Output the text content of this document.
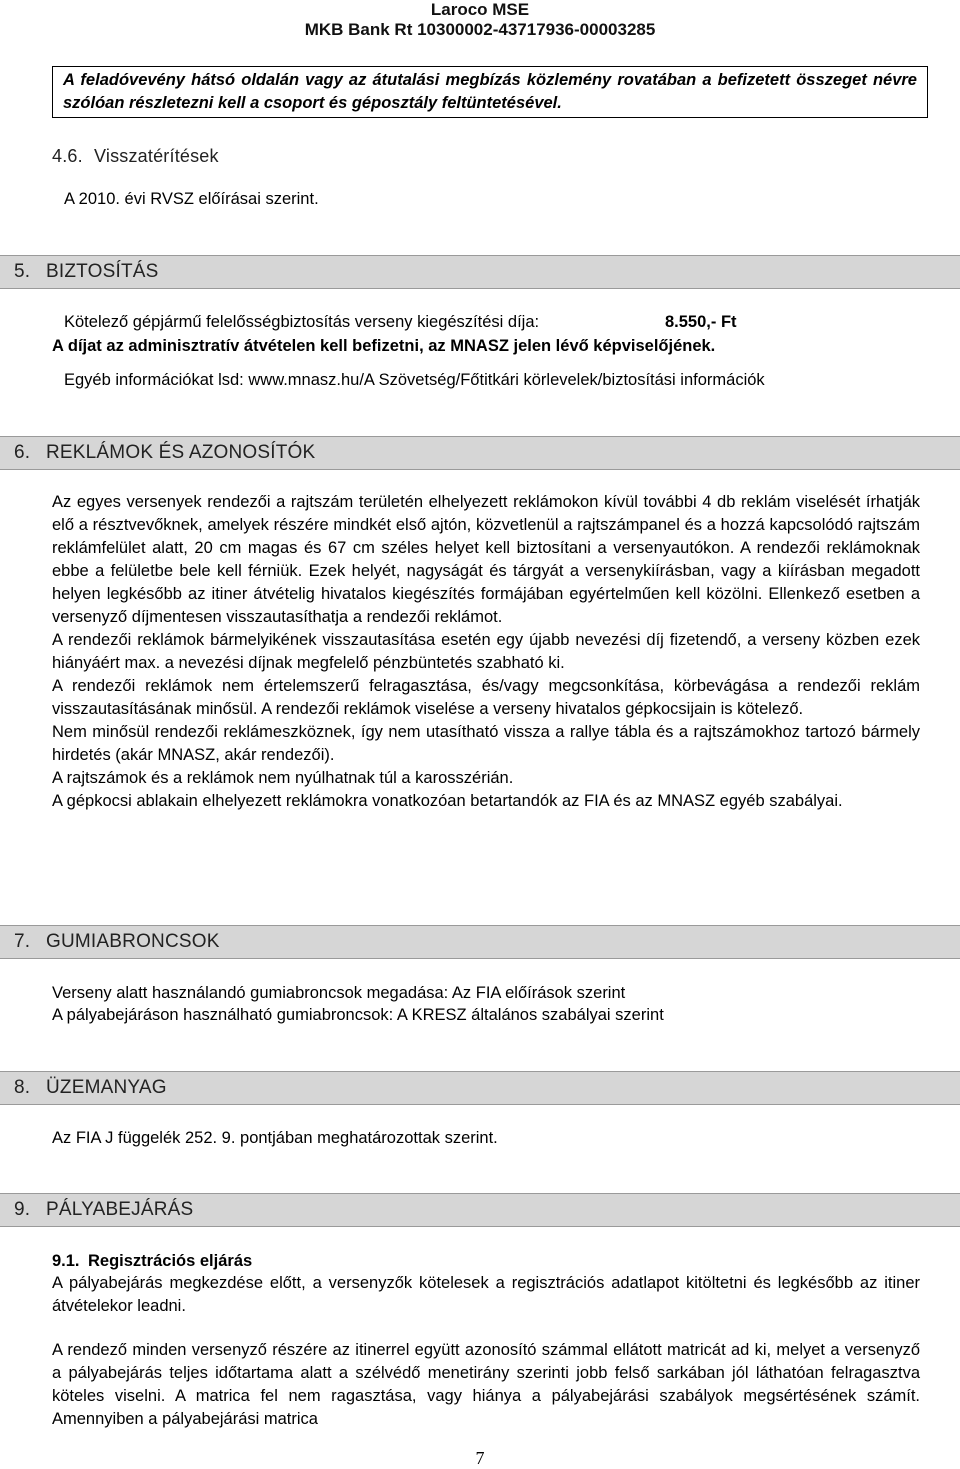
Laroco MSE
MKB Bank Rt 10300002-43717936-00003285
A feladóvevény hátsó oldalán vagy az átutalási megbízás közlemény rovatában a befizetett összeget névre szólóan részletezni kell a csoport és géposztály feltüntetésével.
4.6. Visszatérítések
A 2010. évi RVSZ előírásai szerint.
5. BIZTOSÍTÁS
Kötelező gépjármű felelősségbiztosítás verseny kiegészítési díja:	8.550,- Ft
A díjat az adminisztratív átvételen kell befizetni, az MNASZ jelen lévő képviselőjének.
Egyéb információkat lsd: www.mnasz.hu/A Szövetség/Főtitkári körlevelek/biztosítási információk
6. REKLÁMOK ÉS AZONOSÍTÓK

Az egyes versenyek rendezői a rajtszám területén elhelyezett reklámokon kívül további 4 db reklám viselését írhatják elő a résztvevőknek, amelyek részére mindkét első ajtón, közvetlenül a rajtszámpanel és a hozzá kapcsolódó rajtszám reklámfelület alatt, 20 cm magas és 67 cm széles helyet kell biztosítani a versenyautókon. A rendezői reklámoknak ebbe a felületbe bele kell férniük. Ezek helyét, nagyságát és tárgyát a versenykiírásban, vagy a kiírásban megadott helyen legkésőbb az itiner átvételig hivatalos kiegészítés formájában egyértelműen kell közölni. Ellenkező esetben a versenyző díjmentesen visszautasíthatja a rendezői reklámot.

A rendezői reklámok bármelyikének visszautasítása esetén egy újabb nevezési díj fizetendő, a verseny közben ezek hiányáért max. a nevezési díjnak megfelelő pénzbüntetés szabható ki.

A rendezői reklámok nem értelemszerű felragasztása, és/vagy megcsonkítása, körbevágása a rendezői reklám visszautasításának minősül. A rendezői reklámok viselése a verseny hivatalos gépkocsijain is kötelező.

Nem minősül rendezői reklámeszköznek, így nem utasítható vissza a rallye tábla és a rajtszámokhoz tartozó bármely hirdetés (akár MNASZ, akár rendezői).

A rajtszámok és a reklámok nem nyúlhatnak túl a karosszérián.

A gépkocsi ablakain elhelyezett reklámokra vonatkozóan betartandók az FIA és az MNASZ egyéb szabályai.

7. GUMIABRONCSOK
Verseny alatt használandó gumiabroncsok megadása: Az FIA előírások szerint
A pályabejáráson használható gumiabroncsok: A KRESZ általános szabályai szerint
8. ÜZEMANYAG
Az FIA J függelék 252. 9. pontjában meghatározottak szerint.
9. PÁLYABEJÁRÁS
9.1. Regisztrációs eljárás
A pályabejárás megkezdése előtt, a versenyzők kötelesek a regisztrációs adatlapot kitöltetni és legkésőbb az itiner átvételekor leadni.
A rendező minden versenyző részére az itinerrel együtt azonosító számmal ellátott matricát ad ki, melyet a versenyző a pályabejárás teljes időtartama alatt a szélvédő menetirány szerinti jobb felső sarkában jól láthatóan felragasztva köteles viselni. A matrica fel nem ragasztása, vagy hiánya a pályabejárási szabályok megsértésének számít. Amennyiben a pályabejárási matrica
7
